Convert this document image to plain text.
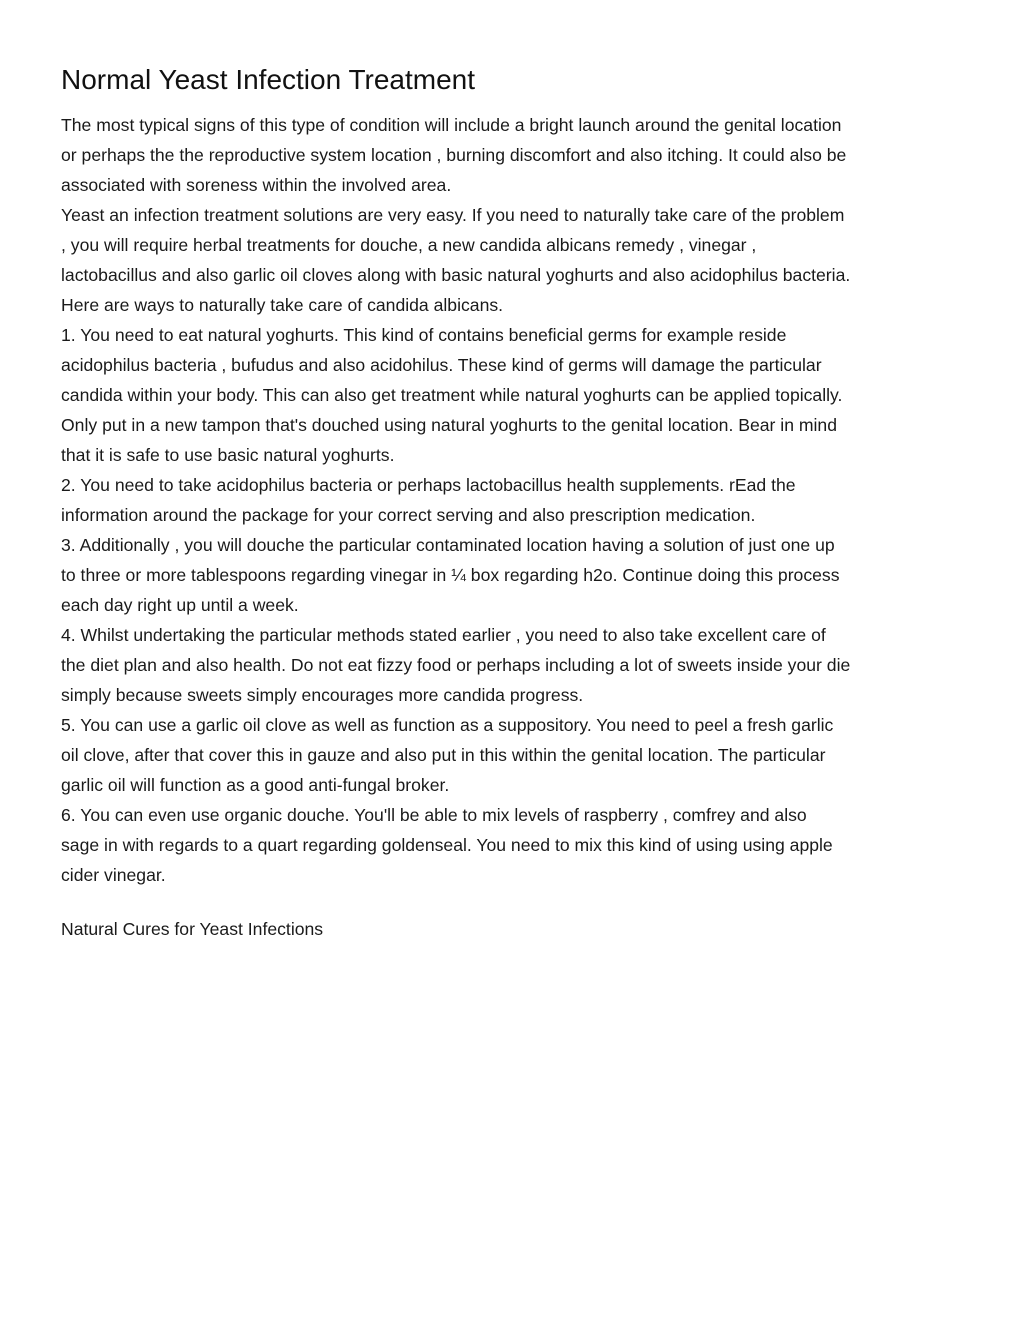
Normal Yeast Infection Treatment

The most typical signs of this type of condition will include a bright launch around the genital location

or perhaps the the reproductive system location , burning discomfort and also itching. It could also be

associated with soreness within the involved area.

Yeast an infection treatment solutions are very easy. If you need to naturally take care of the problem

, you will require herbal treatments for douche, a new candida albicans remedy , vinegar ,

lactobacillus and also garlic oil cloves along with basic natural yoghurts and also acidophilus bacteria.

Here are ways to naturally take care of candida albicans.

1. You need to eat natural yoghurts. This kind of contains beneficial germs for example reside

acidophilus bacteria , bufudus and also acidohilus. These kind of germs will damage the particular

candida within your body. This can also get treatment while natural yoghurts can be applied topically.

Only put in a new tampon that's douched using natural yoghurts to the genital location. Bear in mind

that it is safe to use basic natural yoghurts.

2. You need to take acidophilus bacteria or perhaps lactobacillus health supplements. rEad the

information around the package for your correct serving and also prescription medication.

3. Additionally , you will douche the particular contaminated location having a solution of just one up

to three or more tablespoons regarding vinegar in ¼ box regarding h2o. Continue doing this process

each day right up until a week.

4. Whilst undertaking the particular methods stated earlier , you need to also take excellent care of

the diet plan and also health. Do not eat fizzy food or perhaps including a lot of sweets inside your die

simply because sweets simply encourages more candida progress.

5. You can use a garlic oil clove as well as function as a suppository. You need to peel a fresh garlic

oil clove, after that cover this in gauze and also put in this within the genital location. The particular

garlic oil will function as a good anti-fungal broker.

6. You can even use organic douche. You'll be able to mix levels of raspberry , comfrey and also

sage in with regards to a quart regarding goldenseal. You need to mix this kind of using using apple

cider vinegar.

Natural Cures for Yeast Infections
